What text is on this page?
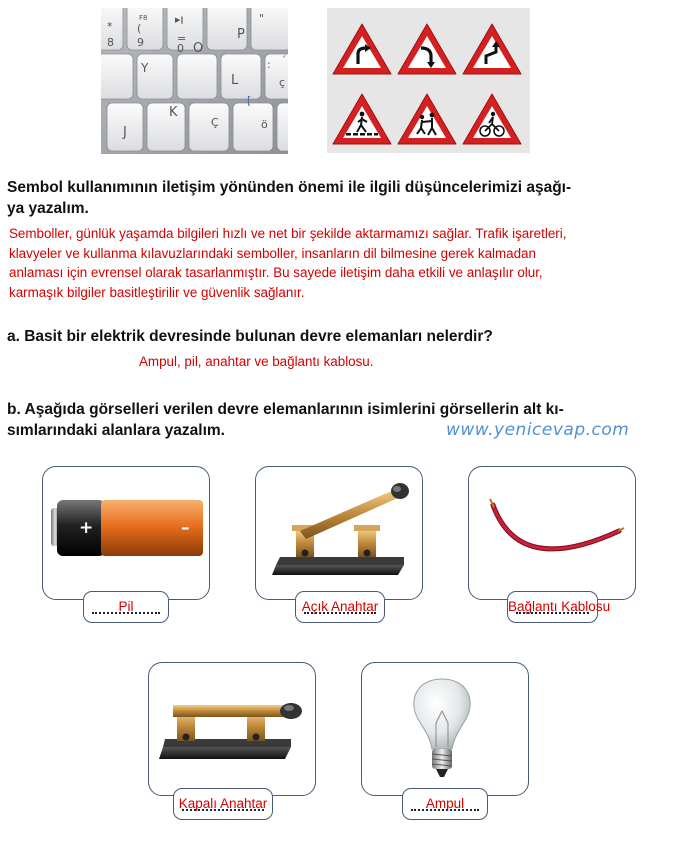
*
8
F8
(
9
▶‖
P
"
O
=
0
´
Y
ç
L
J
K
Ç
:
[
ö
Sembol kullanımının iletişim yönünden önemi ile ilgili düşüncelerimizi aşağı-
ya yazalım.
Semboller, günlük yaşamda bilgileri hızlı ve net bir şekilde aktarmamızı sağlar. Trafik işaretleri,
klavyeler ve kullanma kılavuzlarındaki semboller, insanların dil bilmesine gerek kalmadan
anlaması için evrensel olarak tasarlanmıştır. Bu sayede iletişim daha etkili ve anlaşılır olur,
karmaşık bilgiler basitleştirilir ve güvenlik sağlanır.
a. Basit bir elektrik devresinde bulunan devre elemanları nelerdir?
Ampul, pil, anahtar ve bağlantı kablosu.
b. Aşağıda görselleri verilen devre elemanlarının isimlerini görsellerin alt kı-
sımlarındaki alanlara yazalım.	www.yenicevap.com
+	–
Pil	Açık Anahtar	Bağlantı Kablosu
Kapalı Anahtar	Ampul
